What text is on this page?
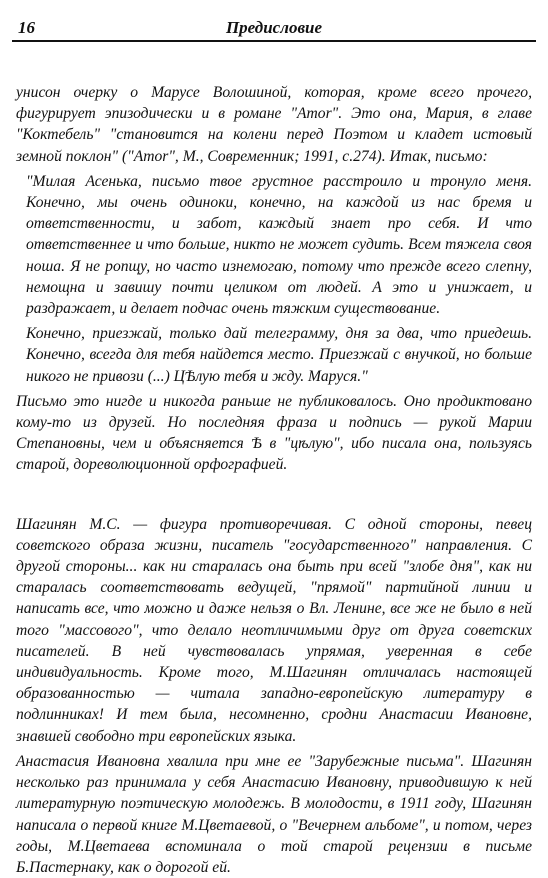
16	Предисловие

унисон очерку о Марусе Волошиной, которая, кроме всего прочего, фигурирует эпизодически и в романе "Amor". Это она, Мария, в главе "Коктебель" "становится на колени перед Поэтом и кладет истовый земной поклон" ("Amor", М., Современник; 1991, с.274). Итак, письмо:

"Милая Асенька, письмо твое грустное расстроило и тронуло меня. Конечно, мы очень одиноки, конечно, на каждой из нас бремя и ответственности, и забот, каждый знает про себя. И что ответственнее и что больше, никто не может судить. Всем тяжела своя ноша. Я не ропщу, но часто изнемогаю, потому что прежде всего слепну, немощна и завишу почти целиком от людей. А это и унижает, и раздражает, и делает подчас очень тяжким существование.

Конечно, приезжай, только дай телеграмму, дня за два, что приедешь. Конечно, всегда для тебя найдется место. Приезжай с внучкой, но больше никого не привози (...) ЦѢлую тебя и жду. Маруся."

Письмо это нигде и никогда раньше не публиковалось. Оно продиктовано кому-то из друзей. Но последняя фраза и подпись — рукой Марии Степановны, чем и объясняется Ѣ в "цѣлую", ибо писала она, пользуясь старой, дореволюционной орфографией.

Шагинян М.С. — фигура противоречивая. С одной стороны, певец советского образа жизни, писатель "государственного" направления. С другой стороны... как ни старалась она быть при всей "злобе дня", как ни старалась соответствовать ведущей, "прямой" партийной линии и написать все, что можно и даже нельзя о Вл. Ленине, все же не было в ней того "массового", что делало неотличимыми друг от друга советских писателей. В ней чувствовалась упрямая, уверенная в себе индивидуальность. Кроме того, М.Шагинян отличалась настоящей образованностью — читала западно-европейскую литературу в подлинниках! И тем была, несомненно, сродни Анастасии Ивановне, знавшей свободно три европейских языка.

Анастасия Ивановна хвалила при мне ее "Зарубежные письма". Шагинян несколько раз принимала у себя Анастасию Ивановну, приводившую к ней литературную поэтическую молодежь. В молодости, в 1911 году, Шагинян написала о первой книге М.Цветаевой, о "Вечернем альбоме", и потом, через годы, М.Цветаева вспоминала о той старой рецензии в письме Б.Пастернаку, как о дорогой ей.
